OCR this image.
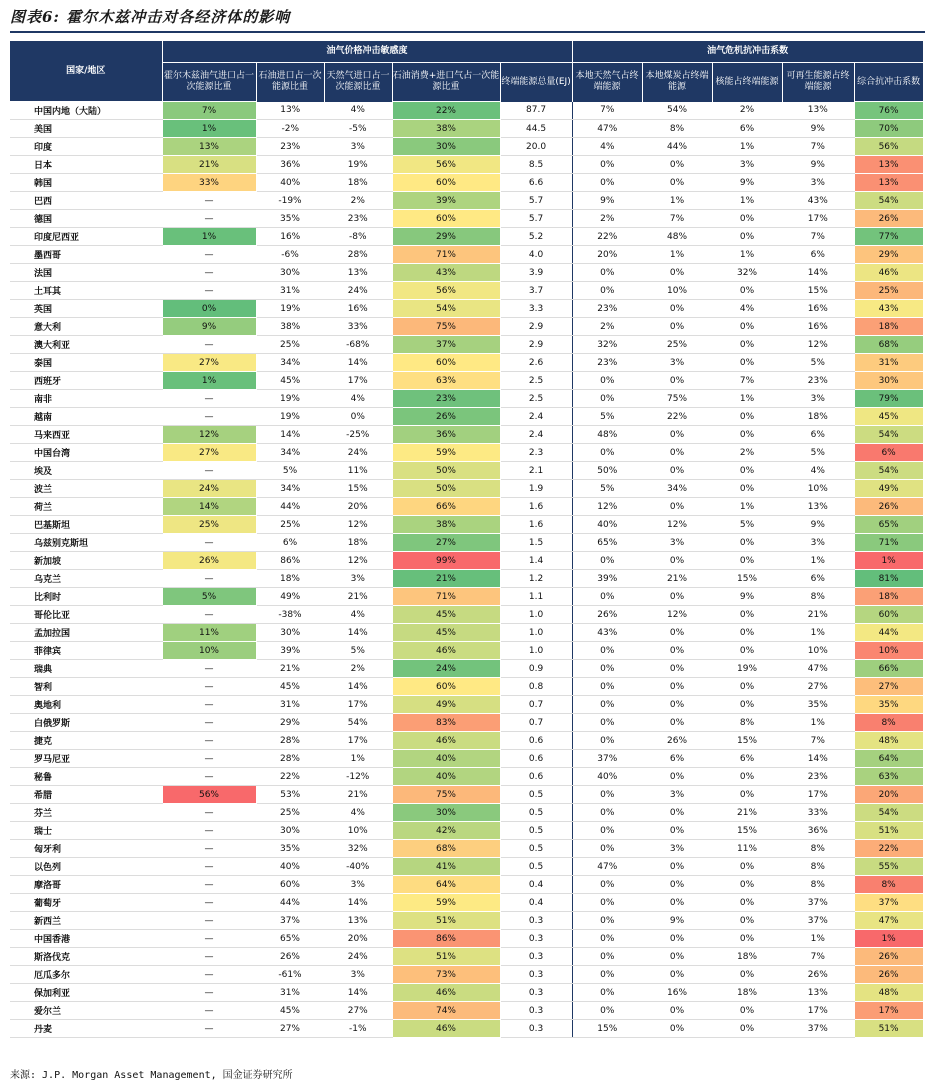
图表6: 霍尔木兹冲击对各经济体的影响
国家/地区	油气价格冲击敏感度					油气危机抗冲击系数				
	霍尔木兹油气进口占一次能源比重	石油进口占一次能源比重	天然气进口占一次能源比重	石油消费+进口气占一次能源比重	终端能源总量(EJ)	本地天然气占终端能源	本地煤炭占终端能源	核能占终端能源	可再生能源占终端能源	综合抗冲击系数
中国内地（大陆）	7%	13%	4%	22%	87.7	7%	54%	2%	13%	76%
美国	1%	-2%	-5%	38%	44.5	47%	8%	6%	9%	70%
印度	13%	23%	3%	30%	20.0	4%	44%	1%	7%	56%
日本	21%	36%	19%	56%	8.5	0%	0%	3%	9%	13%
韩国	33%	40%	18%	60%	6.6	0%	0%	9%	3%	13%
巴西	—	-19%	2%	39%	5.7	9%	1%	1%	43%	54%
德国	—	35%	23%	60%	5.7	2%	7%	0%	17%	26%
印度尼西亚	1%	16%	-8%	29%	5.2	22%	48%	0%	7%	77%
墨西哥	—	-6%	28%	71%	4.0	20%	1%	1%	6%	29%
法国	—	30%	13%	43%	3.9	0%	0%	32%	14%	46%
土耳其	—	31%	24%	56%	3.7	0%	10%	0%	15%	25%
英国	0%	19%	16%	54%	3.3	23%	0%	4%	16%	43%
意大利	9%	38%	33%	75%	2.9	2%	0%	0%	16%	18%
澳大利亚	—	25%	-68%	37%	2.9	32%	25%	0%	12%	68%
泰国	27%	34%	14%	60%	2.6	23%	3%	0%	5%	31%
西班牙	1%	45%	17%	63%	2.5	0%	0%	7%	23%	30%
南非	—	19%	4%	23%	2.5	0%	75%	1%	3%	79%
越南	—	19%	0%	26%	2.4	5%	22%	0%	18%	45%
马来西亚	12%	14%	-25%	36%	2.4	48%	0%	0%	6%	54%
中国台湾	27%	34%	24%	59%	2.3	0%	0%	2%	5%	6%
埃及	—	5%	11%	50%	2.1	50%	0%	0%	4%	54%
波兰	24%	34%	15%	50%	1.9	5%	34%	0%	10%	49%
荷兰	14%	44%	20%	66%	1.6	12%	0%	1%	13%	26%
巴基斯坦	25%	25%	12%	38%	1.6	40%	12%	5%	9%	65%
乌兹别克斯坦	—	6%	18%	27%	1.5	65%	3%	0%	3%	71%
新加坡	26%	86%	12%	99%	1.4	0%	0%	0%	1%	1%
乌克兰	—	18%	3%	21%	1.2	39%	21%	15%	6%	81%
比利时	5%	49%	21%	71%	1.1	0%	0%	9%	8%	18%
哥伦比亚	—	-38%	4%	45%	1.0	26%	12%	0%	21%	60%
孟加拉国	11%	30%	14%	45%	1.0	43%	0%	0%	1%	44%
菲律宾	10%	39%	5%	46%	1.0	0%	0%	0%	10%	10%
瑞典	—	21%	2%	24%	0.9	0%	0%	19%	47%	66%
智利	—	45%	14%	60%	0.8	0%	0%	0%	27%	27%
奥地利	—	31%	17%	49%	0.7	0%	0%	0%	35%	35%
白俄罗斯	—	29%	54%	83%	0.7	0%	0%	8%	1%	8%
捷克	—	28%	17%	46%	0.6	0%	26%	15%	7%	48%
罗马尼亚	—	28%	1%	40%	0.6	37%	6%	6%	14%	64%
秘鲁	—	22%	-12%	40%	0.6	40%	0%	0%	23%	63%
希腊	56%	53%	21%	75%	0.5	0%	3%	0%	17%	20%
芬兰	—	25%	4%	30%	0.5	0%	0%	21%	33%	54%
瑞士	—	30%	10%	42%	0.5	0%	0%	15%	36%	51%
匈牙利	—	35%	32%	68%	0.5	0%	3%	11%	8%	22%
以色列	—	40%	-40%	41%	0.5	47%	0%	0%	8%	55%
摩洛哥	—	60%	3%	64%	0.4	0%	0%	0%	8%	8%
葡萄牙	—	44%	14%	59%	0.4	0%	0%	0%	37%	37%
新西兰	—	37%	13%	51%	0.3	0%	9%	0%	37%	47%
中国香港	—	65%	20%	86%	0.3	0%	0%	0%	1%	1%
斯洛伐克	—	26%	24%	51%	0.3	0%	0%	18%	7%	26%
厄瓜多尔	—	-61%	3%	73%	0.3	0%	0%	0%	26%	26%
保加利亚	—	31%	14%	46%	0.3	0%	16%	18%	13%	48%
爱尔兰	—	45%	27%	74%	0.3	0%	0%	0%	17%	17%
丹麦	—	27%	-1%	46%	0.3	15%	0%	0%	37%	51%
来源: J.P. Morgan Asset Management, 国金证券研究所
